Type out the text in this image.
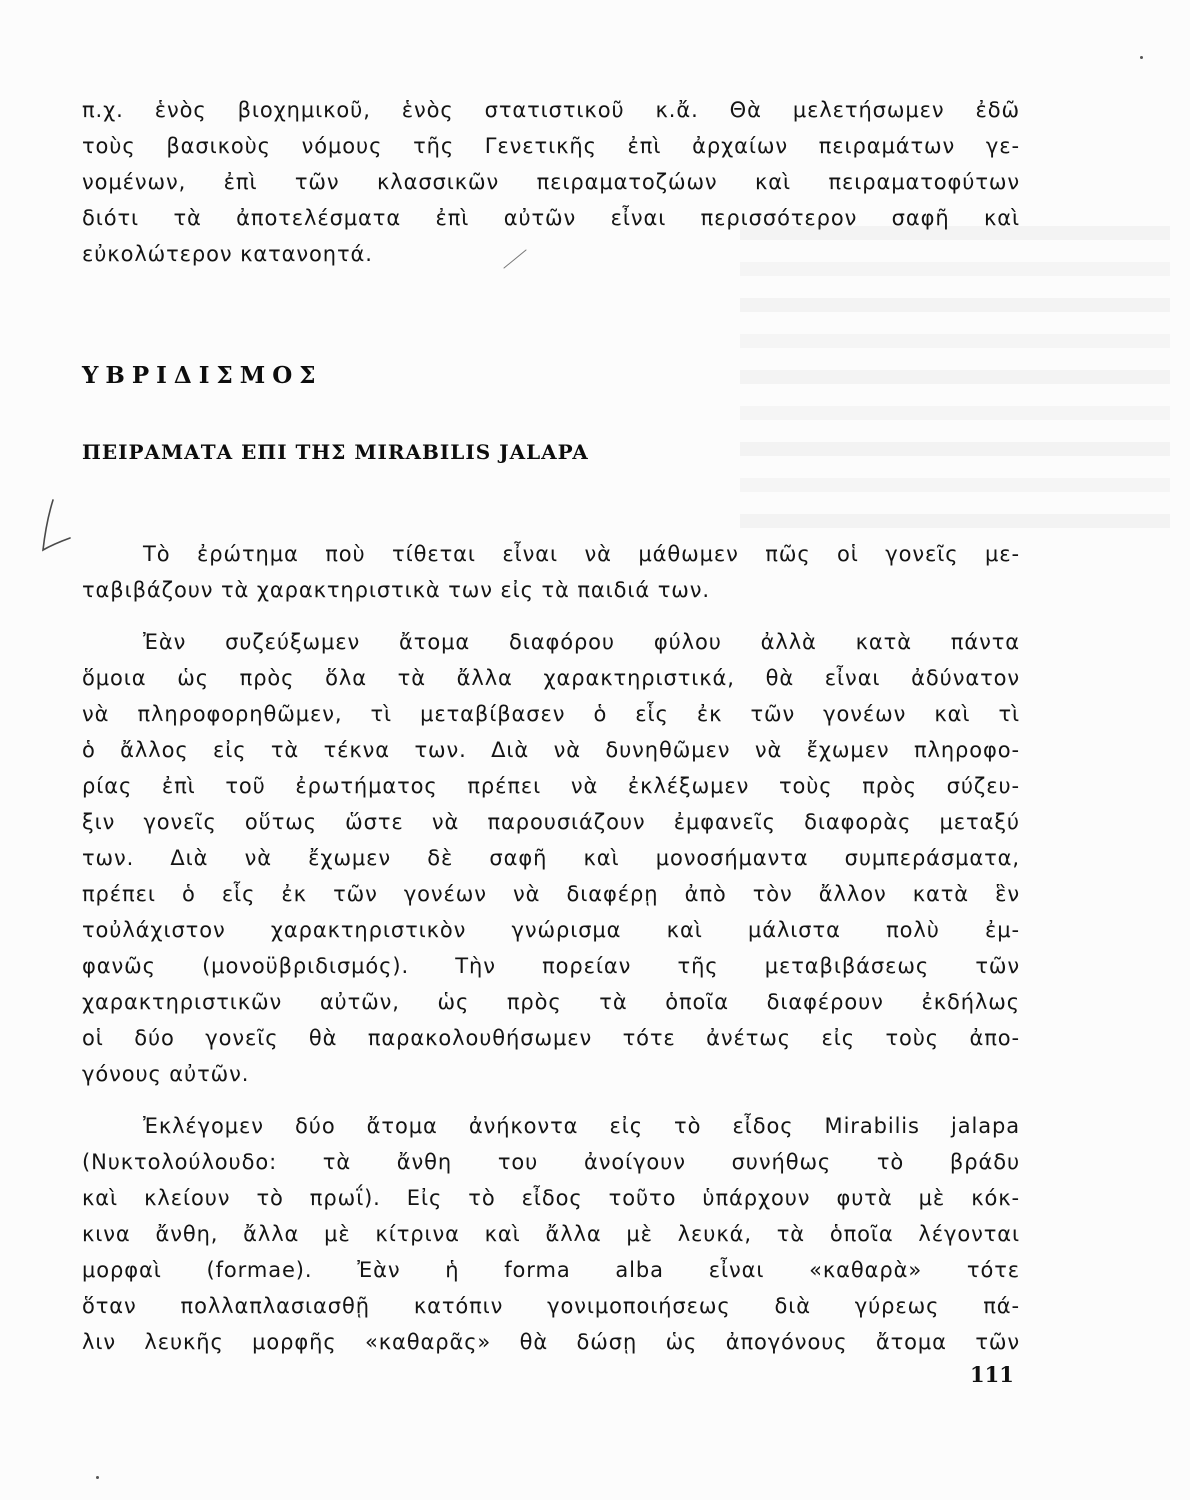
π.χ. ἑνὸς βιοχημικοῦ, ἑνὸς στατιστικοῦ κ.ἄ. Θὰ μελετήσωμεν ἐδῶ

τοὺς βασικοὺς νόμους τῆς Γενετικῆς ἐπὶ ἀρχαίων πειραμάτων γε-

νομένων, ἐπὶ τῶν κλασσικῶν πειραματοζώων καὶ πειραματοφύτων

διότι τὰ ἀποτελέσματα ἐπὶ αὐτῶν εἶναι περισσότερον σαφῆ καὶ

εὐκολώτερον κατανοητά.

ΥΒΡΙΔΙΣΜΟΣ
ΠΕΙΡΑΜΑΤΑ ΕΠΙ ΤΗΣ MIRABILIS JALAPA

Τὸ ἐρώτημα ποὺ τίθεται εἶναι νὰ μάθωμεν πῶς οἱ γονεῖς με-

ταβιβάζουν τὰ χαρακτηριστικὰ των εἰς τὰ παιδιά των.

Ἐὰν συζεύξωμεν ἄτομα διαφόρου φύλου ἀλλὰ κατὰ πάντα

ὅμοια ὡς πρὸς ὅλα τὰ ἄλλα χαρακτηριστικά, θὰ εἶναι ἀδύνατον

νὰ πληροφορηθῶμεν, τὶ μεταβίβασεν ὁ εἷς ἐκ τῶν γονέων καὶ τὶ

ὁ ἄλλος εἰς τὰ τέκνα των. Διὰ νὰ δυνηθῶμεν νὰ ἔχωμεν πληροφο-

ρίας ἐπὶ τοῦ ἐρωτήματος πρέπει νὰ ἐκλέξωμεν τοὺς πρὸς σύζευ-

ξιν γονεῖς οὕτως ὥστε νὰ παρουσιάζουν ἐμφανεῖς διαφορὰς μεταξύ

των. Διὰ νὰ ἔχωμεν δὲ σαφῆ καὶ μονοσήμαντα συμπεράσματα,

πρέπει ὁ εἷς ἐκ τῶν γονέων νὰ διαφέρῃ ἀπὸ τὸν ἄλλον κατὰ ἓν

τοὐλάχιστον χαρακτηριστικὸν γνώρισμα καὶ μάλιστα πολὺ ἐμ-

φανῶς (μονοϋβριδισμός). Τὴν πορείαν τῆς μεταβιβάσεως τῶν

χαρακτηριστικῶν αὐτῶν, ὡς πρὸς τὰ ὁποῖα διαφέρουν ἐκδήλως

οἱ δύο γονεῖς θὰ παρακολουθήσωμεν τότε ἀνέτως εἰς τοὺς ἀπο-

γόνους αὐτῶν.

Ἐκλέγομεν δύο ἄτομα ἀνήκοντα εἰς τὸ εἶδος Mirabilis jalapa

(Νυκτολούλουδο: τὰ ἄνθη του ἀνοίγουν συνήθως τὸ βράδυ

καὶ κλείουν τὸ πρωΐ). Εἰς τὸ εἶδος τοῦτο ὑπάρχουν φυτὰ μὲ κόκ-

κινα ἄνθη, ἄλλα μὲ κίτρινα καὶ ἄλλα μὲ λευκά, τὰ ὁποῖα λέγονται

μορφαὶ (formae). Ἐὰν ἡ forma alba εἶναι «καθαρὰ» τότε

ὅταν πολλαπλασιασθῇ κατόπιν γονιμοποιήσεως διὰ γύρεως πά-

λιν λευκῆς μορφῆς «καθαρᾶς» θὰ δώσῃ ὡς ἀπογόνους ἄτομα τῶν

111
